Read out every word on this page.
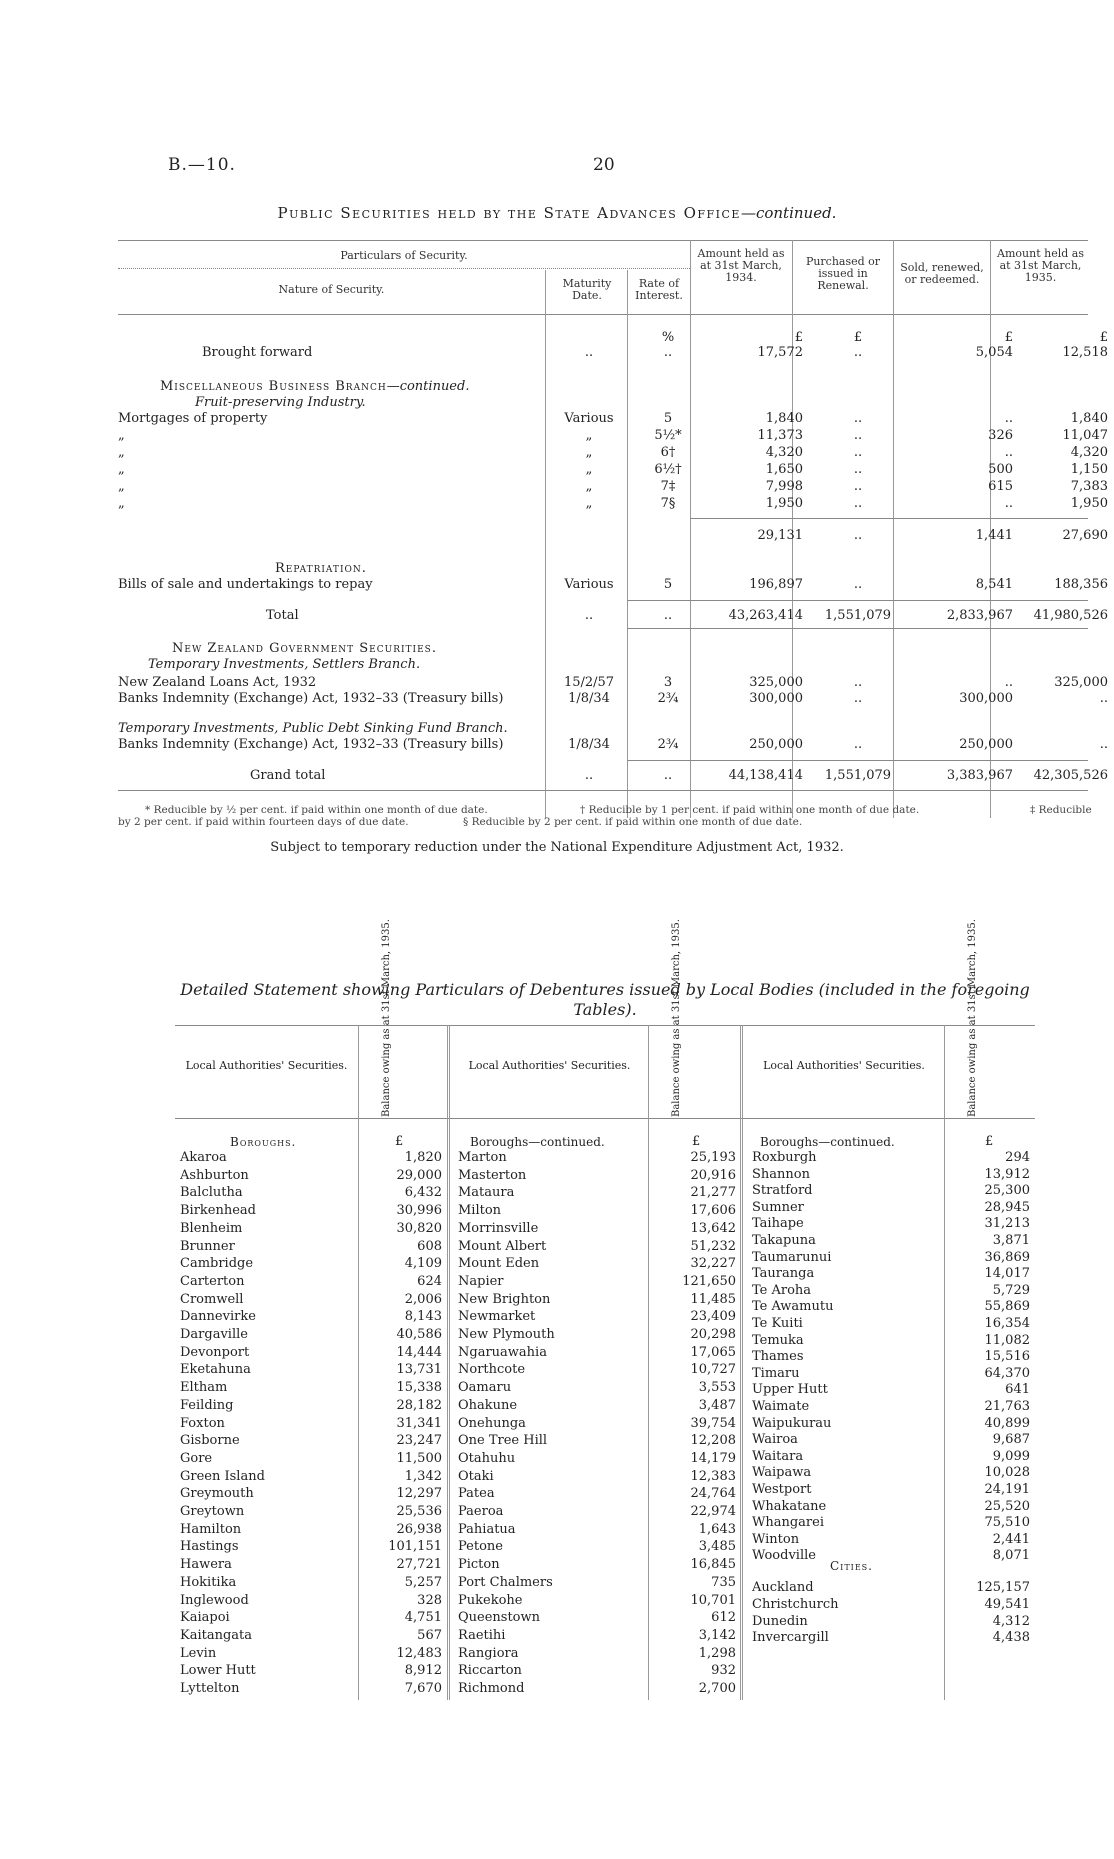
B.—10.	20
Public Securities held by the State Advances Office—continued.
Particulars of Security.
Nature of Security.	Maturity Date.
Rate of Interest.
Amount held as at 31st March, 1934.
Purchased or issued in Renewal.
Sold, renewed, or redeemed.
Amount held as at 31st March, 1935.
%	£	£	£	£
Brought forward	..	..	17,572	..	5,054	12,518
Miscellaneous Business Branch—continued.
Fruit-preserving Industry.
Mortgages of property	Various	5	1,840	..	..	1,840
„	„	5½*	11,373	..	326	11,047
„	„	6†	4,320	..	..	4,320
„	„	6½†	1,650	..	500	1,150
„	„	7‡	7,998	..	615	7,383
„	„	7§	1,950	..	..	1,950
29,131	..	1,441	27,690
Repatriation.
Bills of sale and undertakings to repay	Various	5	196,897	..	8,541	188,356
Total	..	..	43,263,414	1,551,079	2,833,967	41,980,526
New Zealand Government Securities.
Temporary Investments, Settlers Branch.
New Zealand Loans Act, 1932	15/2/57	3	325,000	..	..	325,000
Banks Indemnity (Exchange) Act, 1932–33 (Treasury bills)	1/8/34	2¾	300,000	..	300,000	..
Temporary Investments, Public Debt Sinking Fund Branch.
Banks Indemnity (Exchange) Act, 1932–33 (Treasury bills)	1/8/34	2¾	250,000	..	250,000	..
Grand total	..	..	44,138,414	1,551,079	3,383,967	42,305,526
* Reducible by ½ per cent. if paid within one month of due date.	† Reducible by 1 per cent. if paid within one month of due date.	‡ Reducible
by 2 per cent. if paid within fourteen days of due date.	§ Reducible by 2 per cent. if paid within one month of due date.
Subject to temporary reduction under the National Expenditure Adjustment Act, 1932.
Detailed Statement showing Particulars of Debentures issued by Local Bodies (included in the foregoing Tables).
Local Authorities' Securities.	Local Authorities' Securities.	Local Authorities' Securities.
Balance owing as at 31st March, 1935.	Balance owing as at 31st March, 1935.	Balance owing as at 31st March, 1935.
Boroughs.	£	Boroughs—continued.	£	Boroughs—continued.	£
Akaroa	1,820
Ashburton	29,000
Balclutha	6,432
Birkenhead	30,996
Blenheim	30,820
Brunner	608
Cambridge	4,109
Carterton	624
Cromwell	2,006
Dannevirke	8,143
Dargaville	40,586
Devonport	14,444
Eketahuna	13,731
Eltham	15,338
Feilding	28,182
Foxton	31,341
Gisborne	23,247
Gore	11,500
Green Island	1,342
Greymouth	12,297
Greytown	25,536
Hamilton	26,938
Hastings	101,151
Hawera	27,721
Hokitika	5,257
Inglewood	328
Kaiapoi	4,751
Kaitangata	567
Levin	12,483
Lower Hutt	8,912
Lyttelton	7,670
Marton	25,193
Masterton	20,916
Mataura	21,277
Milton	17,606
Morrinsville	13,642
Mount Albert	51,232
Mount Eden	32,227
Napier	121,650
New Brighton	11,485
Newmarket	23,409
New Plymouth	20,298
Ngaruawahia	17,065
Northcote	10,727
Oamaru	3,553
Ohakune	3,487
Onehunga	39,754
One Tree Hill	12,208
Otahuhu	14,179
Otaki	12,383
Patea	24,764
Paeroa	22,974
Pahiatua	1,643
Petone	3,485
Picton	16,845
Port Chalmers	735
Pukekohe	10,701
Queenstown	612
Raetihi	3,142
Rangiora	1,298
Riccarton	932
Richmond	2,700
Roxburgh	294
Shannon	13,912
Stratford	25,300
Sumner	28,945
Taihape	31,213
Takapuna	3,871
Taumarunui	36,869
Tauranga	14,017
Te Aroha	5,729
Te Awamutu	55,869
Te Kuiti	16,354
Temuka	11,082
Thames	15,516
Timaru	64,370
Upper Hutt	641
Waimate	21,763
Waipukurau	40,899
Wairoa	9,687
Waitara	9,099
Waipawa	10,028
Westport	24,191
Whakatane	25,520
Whangarei	75,510
Winton	2,441
Woodville	8,071
Cities.
Auckland	125,157
Christchurch	49,541
Dunedin	4,312
Invercargill	4,438
